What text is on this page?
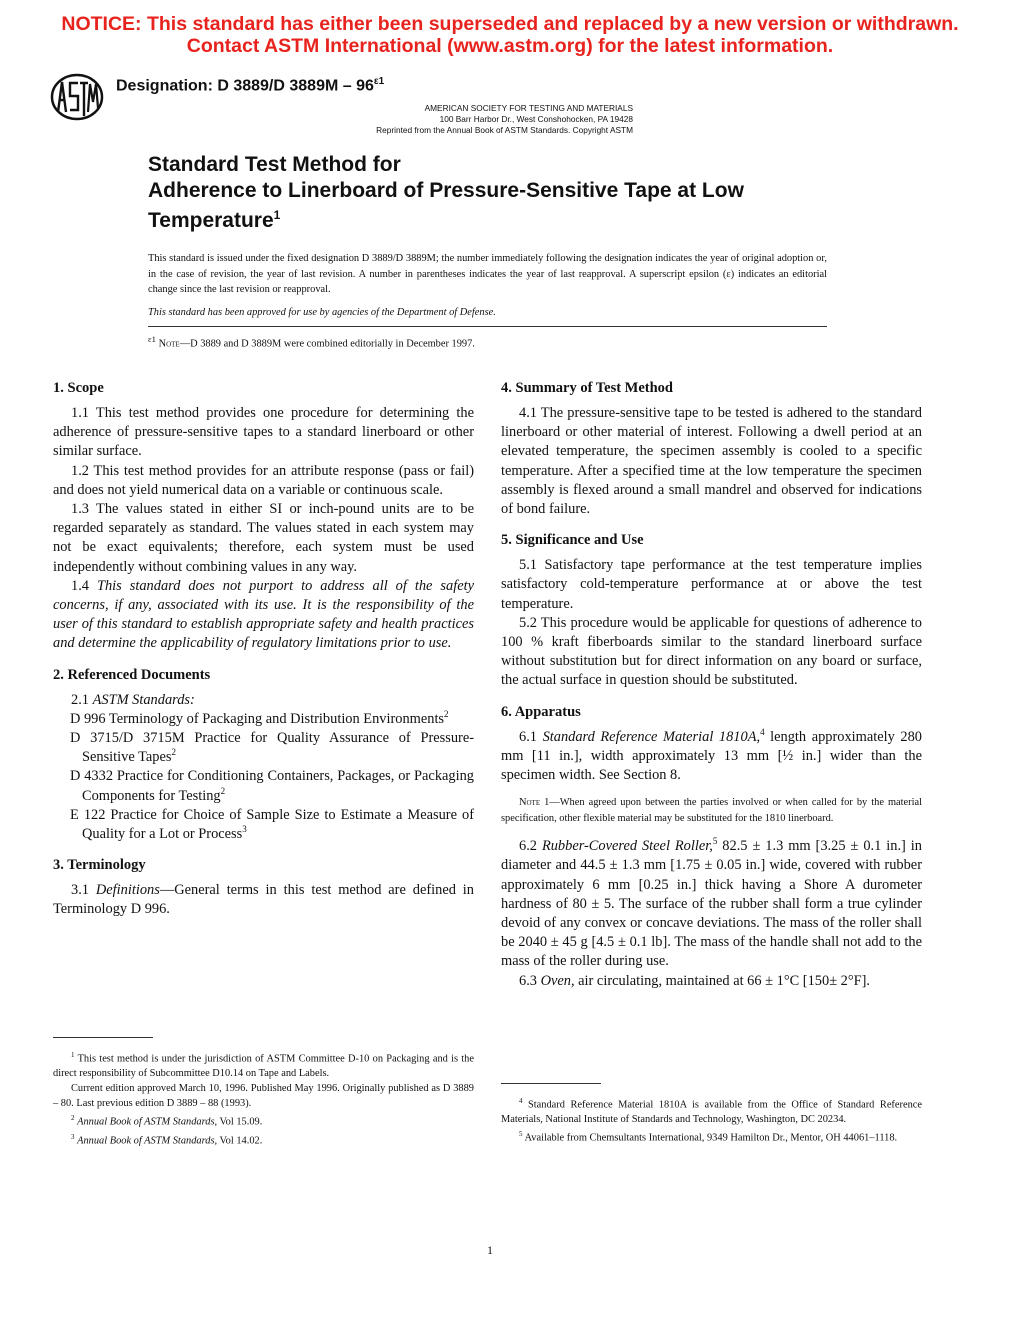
NOTICE: This standard has either been superseded and replaced by a new version or withdrawn. Contact ASTM International (www.astm.org) for the latest information.
Designation: D 3889/D $3889M - 96^{\varepsilon 1}$
AMERICAN SOCIETY FOR TESTING AND MATERIALS
100 Barr Harbor Dr., West Conshohocken, PA 19428
Reprinted from the Annual Book of ASTM Standards. Copyright ASTM
Standard Test Method for
Adherence to Linerboard of Pressure-Sensitive Tape at Low
Temperature$^1$
This standard is issued under the fixed designation D 3889/D 3889M; the number immediately following the designation indicates the year of original adoption or, in the case of revision, the year of last revision. A number in parentheses indicates the year of last reapproval. A superscript epsilon (ε) indicates an editorial change since the last revision or reapproval.
This standard has been approved for use by agencies of the Department of Defense.
$^{\varepsilon 1}$ Note—D 3889 and D 3889M were combined editorially in December 1997.
1. Scope

1.1 This test method provides one procedure for determining the adherence of pressure-sensitive tapes to a standard linerboard or other similar surface.

1.2 This test method provides for an attribute response (pass or fail) and does not yield numerical data on a variable or continuous scale.

1.3 The values stated in either SI or inch-pound units are to be regarded separately as standard. The values stated in each system may not be exact equivalents; therefore, each system must be used independently without combining values in any way.

1.4 This standard does not purport to address all of the safety concerns, if any, associated with its use. It is the responsibility of the user of this standard to establish appropriate safety and health practices and determine the applicability of regulatory limitations prior to use.

2. Referenced Documents

2.1 ASTM Standards:

D 996 Terminology of Packaging and Distribution Environments$^2$

D 3715/D 3715M Practice for Quality Assurance of Pressure-Sensitive Tapes$^2$

D 4332 Practice for Conditioning Containers, Packages, or Packaging Components for Testing$^2$

E 122 Practice for Choice of Sample Size to Estimate a Measure of Quality for a Lot or Process$^3$

3. Terminology

3.1 Definitions—General terms in this test method are defined in Terminology D 996.

$^1$ This test method is under the jurisdiction of ASTM Committee D-10 on Packaging and is the direct responsibility of Subcommittee D10.14 on Tape and Labels.

Current edition approved March 10, 1996. Published May 1996. Originally published as D 3889 – 80. Last previous edition D 3889 – 88 (1993).

$^2$ Annual Book of ASTM Standards, Vol 15.09.

$^3$ Annual Book of ASTM Standards, Vol 14.02.

4. Summary of Test Method

4.1 The pressure-sensitive tape to be tested is adhered to the standard linerboard or other material of interest. Following a dwell period at an elevated temperature, the specimen assembly is cooled to a specific temperature. After a specified time at the low temperature the specimen assembly is flexed around a small mandrel and observed for indications of bond failure.

5. Significance and Use

5.1 Satisfactory tape performance at the test temperature implies satisfactory cold-temperature performance at or above the test temperature.

5.2 This procedure would be applicable for questions of adherence to 100 % kraft fiberboards similar to the standard linerboard surface without substitution but for direct information on any board or surface, the actual surface in question should be substituted.

6. Apparatus

6.1 Standard Reference Material 1810A,$^4$ length approximately 280 mm [11 in.], width approximately 13 mm [½ in.] wider than the specimen width. See Section 8.

Note 1—When agreed upon between the parties involved or when called for by the material specification, other flexible material may be substituted for the 1810 linerboard.

6.2 Rubber-Covered Steel Roller,$^5$ 82.5 ± 1.3 mm [3.25 ± 0.1 in.] in diameter and 44.5 ± 1.3 mm [1.75 ± 0.05 in.] wide, covered with rubber approximately 6 mm [0.25 in.] thick having a Shore A durometer hardness of 80 ± 5. The surface of the rubber shall form a true cylinder devoid of any convex or concave deviations. The mass of the roller shall be 2040 ± 45 g [4.5 ± 0.1 lb]. The mass of the handle shall not add to the mass of the roller during use.

6.3 Oven, air circulating, maintained at 66 ± 1°C [150± 2°F].

$^4$ Standard Reference Material 1810A is available from the Office of Standard Reference Materials, National Institute of Standards and Technology, Washington, DC 20234.

$^5$ Available from Chemsultants International, 9349 Hamilton Dr., Mentor, OH 44061–1118.

1
